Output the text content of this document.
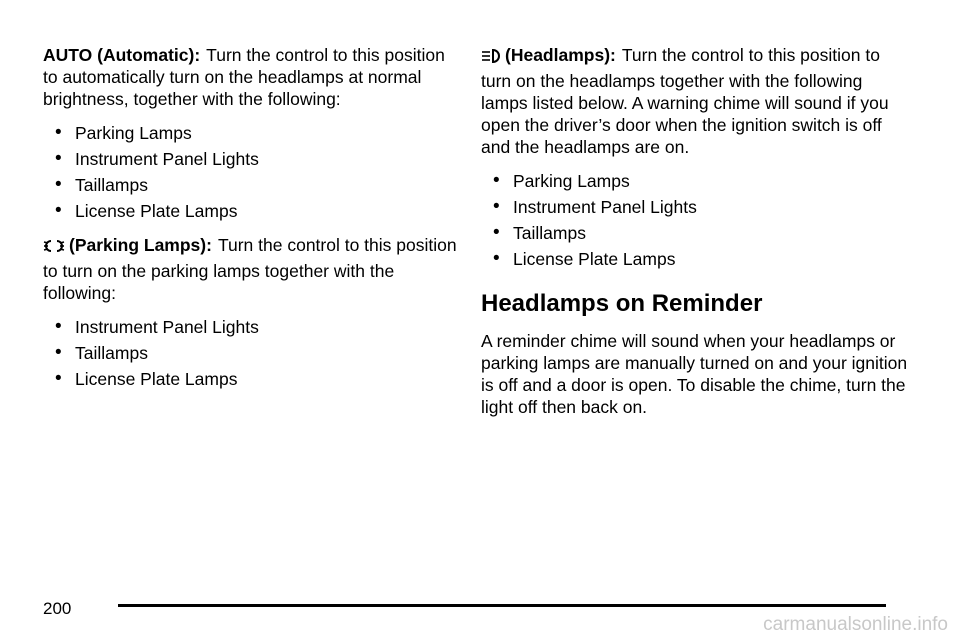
AUTO (Automatic): Turn the control to this position to automatically turn on the headlamps at normal brightness, together with the following:

• Parking Lamps
• Instrument Panel Lights
• Taillamps
• License Plate Lamps

(Parking Lamps): Turn the control to this position to turn on the parking lamps together with the following:

• Instrument Panel Lights
• Taillamps
• License Plate Lamps

(Headlamps): Turn the control to this position to turn on the headlamps together with the following lamps listed below. A warning chime will sound if you open the driver’s door when the ignition switch is off and the headlamps are on.

• Parking Lamps
• Instrument Panel Lights
• Taillamps
• License Plate Lamps
Headlamps on Reminder

A reminder chime will sound when your headlamps or parking lamps are manually turned on and your ignition is off and a door is open. To disable the chime, turn the light off then back on.

200
carmanualsonline.info
